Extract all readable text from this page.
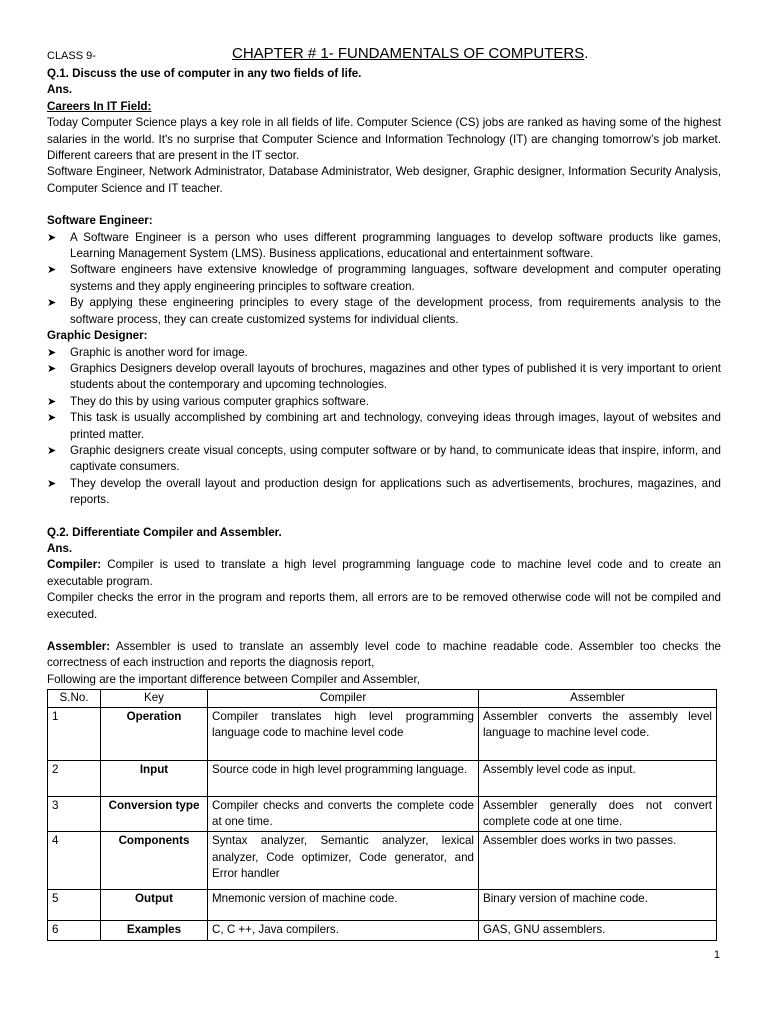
CLASS 9-	CHAPTER # 1- FUNDAMENTALS OF COMPUTERS.

Q.1. Discuss the use of computer in any two fields of life.

Ans.

Careers In IT Field:

Today Computer Science plays a key role in all fields of life. Computer Science (CS) jobs are ranked as having some of the highest salaries in the world. It's no surprise that Computer Science and Information Technology (IT) are changing tomorrow’s job market. Different careers that are present in the IT sector.

Software Engineer, Network Administrator, Database Administrator, Web designer, Graphic designer, Information Security Analysis, Computer Science and IT teacher.

Software Engineer:

➤ A Software Engineer is a person who uses different programming languages to develop software products like games, Learning Management System (LMS). Business applications, educational and entertainment software.
➤ Software engineers have extensive knowledge of programming languages, software development and computer operating systems and they apply engineering principles to software creation.
➤ By applying these engineering principles to every stage of the development process, from requirements analysis to the software process, they can create customized systems for individual clients.

Graphic Designer:

➤ Graphic is another word for image.
➤ Graphics Designers develop overall layouts of brochures, magazines and other types of published it is very important to orient students about the contemporary and upcoming technologies.
➤ They do this by using various computer graphics software.
➤ This task is usually accomplished by combining art and technology, conveying ideas through images, layout of websites and printed matter.
➤ Graphic designers create visual concepts, using computer software or by hand, to communicate ideas that inspire, inform, and captivate consumers.
➤ They develop the overall layout and production design for applications such as advertisements, brochures, magazines, and reports.

Q.2. Differentiate Compiler and Assembler.

Ans.

Compiler: Compiler is used to translate a high level programming language code to machine level code and to create an executable program.

Compiler checks the error in the program and reports them, all errors are to be removed otherwise code will not be compiled and executed.

Assembler: Assembler is used to translate an assembly level code to machine readable code. Assembler too checks the correctness of each instruction and reports the diagnosis report,

Following are the important difference between Compiler and Assembler,

S.No.	Key	Compiler	Assembler
1	Operation	Compiler translates high level programming language code to machine level code	Assembler converts the assembly level language to machine level code.
2	Input	Source code in high level programming language.	Assembly level code as input.
3	Conversion type	Compiler checks and converts the complete code at one time.	Assembler generally does not convert complete code at one time.
4	Components	Syntax analyzer, Semantic analyzer, lexical analyzer, Code optimizer, Code generator, and Error handler	Assembler does works in two passes.
5	Output	Mnemonic version of machine code.	Binary version of machine code.
6	Examples	C, C ++, Java compilers.	GAS, GNU assemblers.
1
